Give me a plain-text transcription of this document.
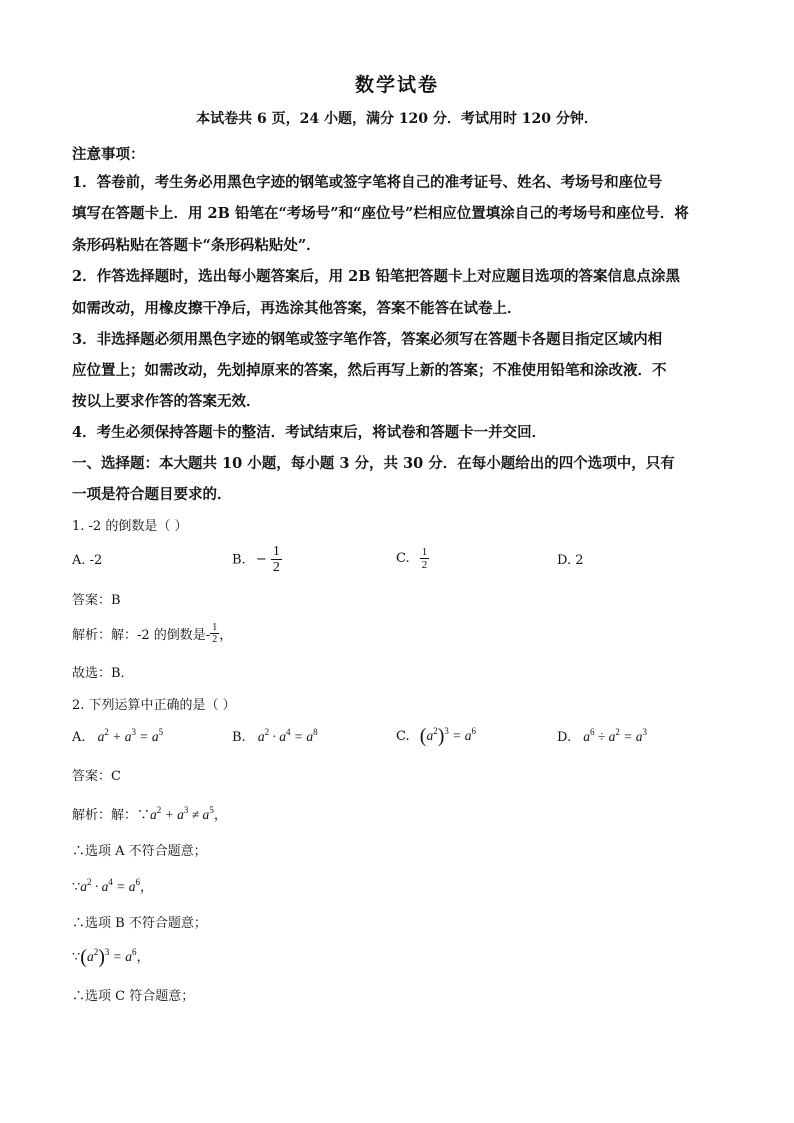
数学试卷
本试卷共 6 页，24 小题，满分 120 分．考试用时 120 分钟．
注意事项：
1．答卷前，考生务必用黑色字迹的钢笔或签字笔将自己的准考证号、姓名、考场号和座位号
填写在答题卡上．用 2B 铅笔在“考场号”和“座位号”栏相应位置填涂自己的考场号和座位号．将
条形码粘贴在答题卡“条形码粘贴处”．
2．作答选择题时，选出每小题答案后，用 2B 铅笔把答题卡上对应题目选项的答案信息点涂黑
如需改动，用橡皮擦干净后，再选涂其他答案，答案不能答在试卷上．
3．非选择题必须用黑色字迹的钢笔或签字笔作答，答案必须写在答题卡各题目指定区域内相
应位置上；如需改动，先划掉原来的答案，然后再写上新的答案；不准使用铅笔和涂改液．不
按以上要求作答的答案无效．
4．考生必须保持答题卡的整洁．考试结束后，将试卷和答题卡一并交回．
一、选择题：本大题共 10 小题，每小题 3 分，共 30 分．在每小题给出的四个选项中，只有
一项是符合题目要求的．
1. -2 的倒数是（ ）
A. -2	B. − $\frac{1}{2}$	C. $\frac{1}{2}$	D. 2
答案：B
解析：解：-2 的倒数是- $\frac{1}{2}$ ，
故选：B．
2. 下列运算中正确的是（ ）
A. $a^2 + a^3 = a^5$	B. $a^2 \cdot a^4 = a^8$	C. $(a^2)^3 = a^6$	D. $a^6 \div a^2 = a^3$
答案：C
解析：解：$\because a^2 + a^3 \ne a^5$，
∴选项 A 不符合题意；
$\because a^2 \cdot a^4 = a^6$，
∴选项 B 不符合题意；
$\because(a^2)^3 = a^6$，
∴选项 C 符合题意；
